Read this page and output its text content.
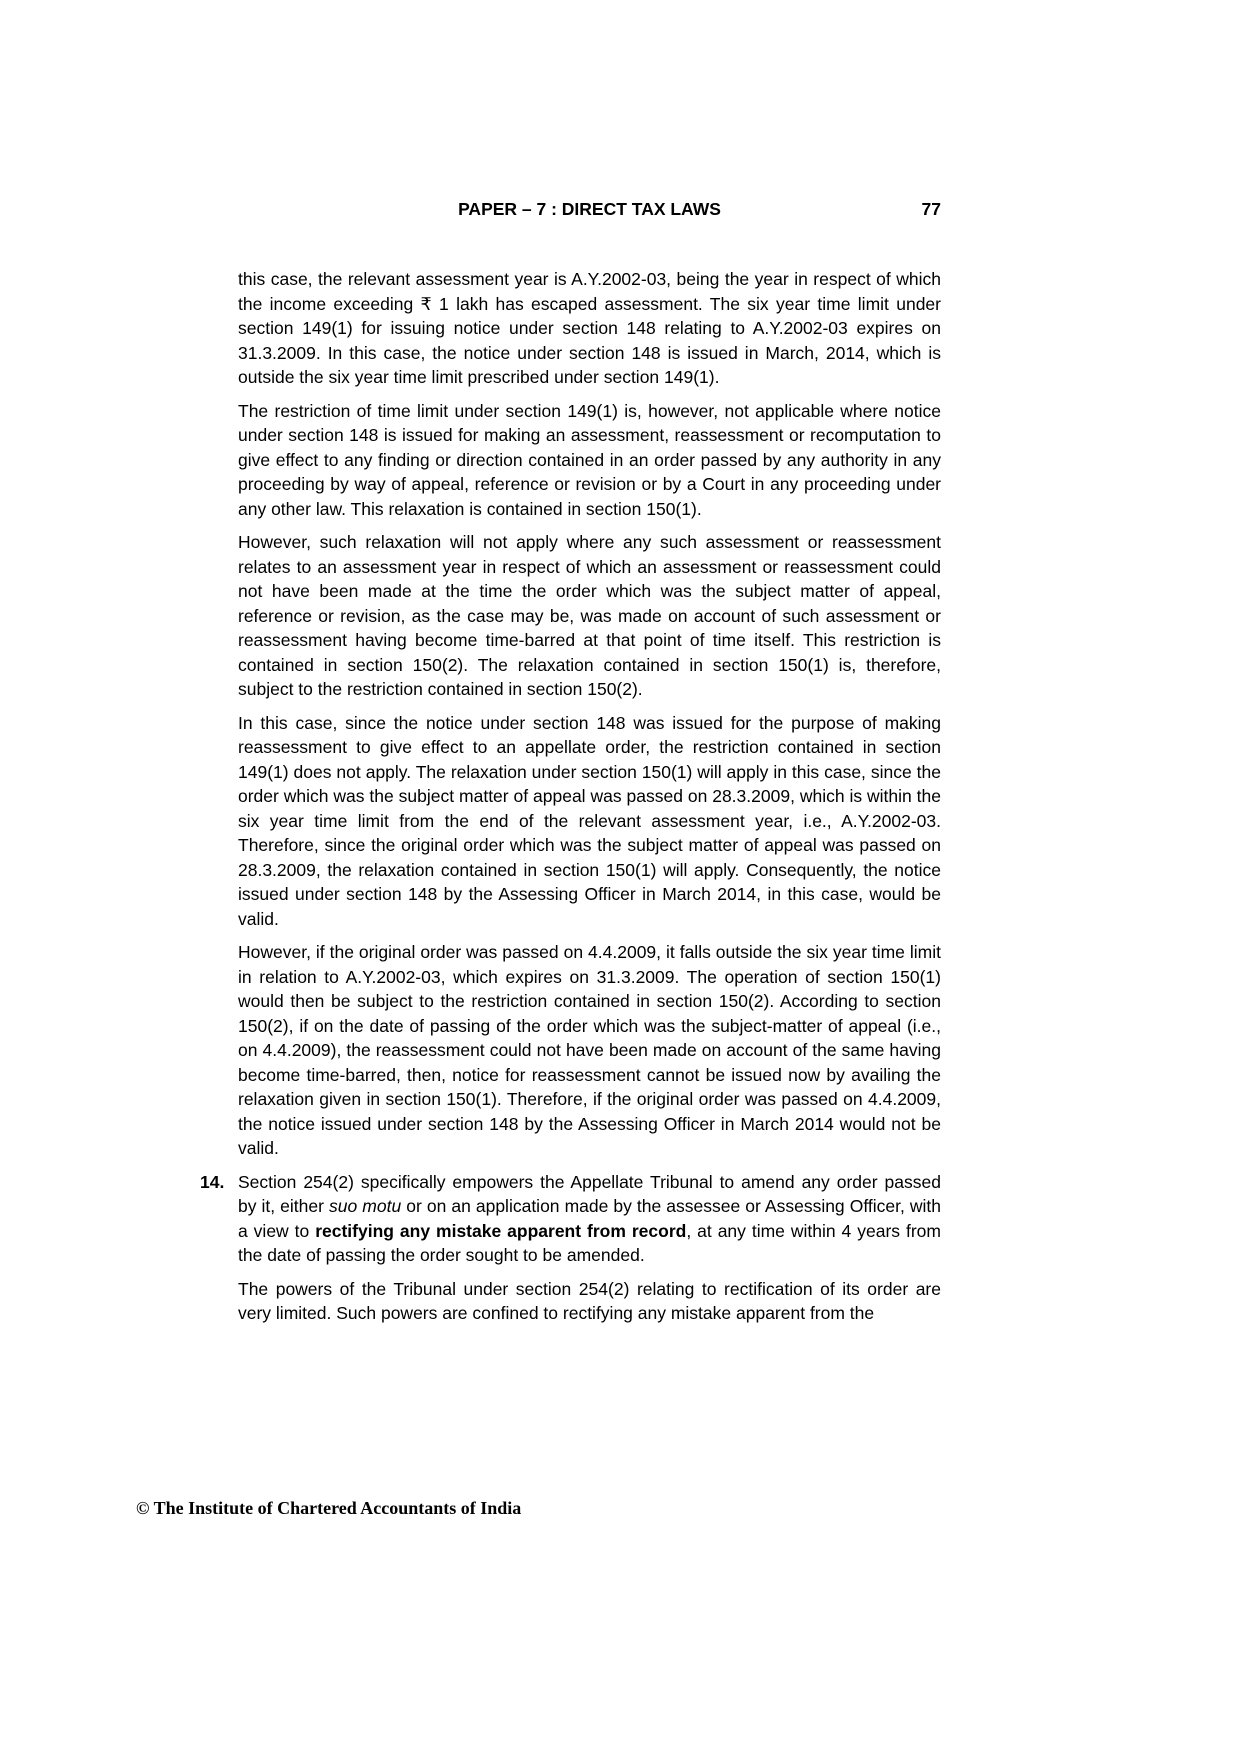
PAPER – 7 : DIRECT TAX LAWS	77
this case, the relevant assessment year is A.Y.2002-03, being the year in respect of which the income exceeding ₹ 1 lakh has escaped assessment. The six year time limit under section 149(1) for issuing notice under section 148 relating to A.Y.2002-03 expires on 31.3.2009. In this case, the notice under section 148 is issued in March, 2014, which is outside the six year time limit prescribed under section 149(1).
The restriction of time limit under section 149(1) is, however, not applicable where notice under section 148 is issued for making an assessment, reassessment or recomputation to give effect to any finding or direction contained in an order passed by any authority in any proceeding by way of appeal, reference or revision or by a Court in any proceeding under any other law. This relaxation is contained in section 150(1).
However, such relaxation will not apply where any such assessment or reassessment relates to an assessment year in respect of which an assessment or reassessment could not have been made at the time the order which was the subject matter of appeal, reference or revision, as the case may be, was made on account of such assessment or reassessment having become time-barred at that point of time itself. This restriction is contained in section 150(2). The relaxation contained in section 150(1) is, therefore, subject to the restriction contained in section 150(2).
In this case, since the notice under section 148 was issued for the purpose of making reassessment to give effect to an appellate order, the restriction contained in section 149(1) does not apply. The relaxation under section 150(1) will apply in this case, since the order which was the subject matter of appeal was passed on 28.3.2009, which is within the six year time limit from the end of the relevant assessment year, i.e., A.Y.2002-03. Therefore, since the original order which was the subject matter of appeal was passed on 28.3.2009, the relaxation contained in section 150(1) will apply. Consequently, the notice issued under section 148 by the Assessing Officer in March 2014, in this case, would be valid.
However, if the original order was passed on 4.4.2009, it falls outside the six year time limit in relation to A.Y.2002-03, which expires on 31.3.2009. The operation of section 150(1) would then be subject to the restriction contained in section 150(2). According to section 150(2), if on the date of passing of the order which was the subject-matter of appeal (i.e., on 4.4.2009), the reassessment could not have been made on account of the same having become time-barred, then, notice for reassessment cannot be issued now by availing the relaxation given in section 150(1). Therefore, if the original order was passed on 4.4.2009, the notice issued under section 148 by the Assessing Officer in March 2014 would not be valid.
14. Section 254(2) specifically empowers the Appellate Tribunal to amend any order passed by it, either suo motu or on an application made by the assessee or Assessing Officer, with a view to rectifying any mistake apparent from record, at any time within 4 years from the date of passing the order sought to be amended.
The powers of the Tribunal under section 254(2) relating to rectification of its order are very limited. Such powers are confined to rectifying any mistake apparent from the
© The Institute of Chartered Accountants of India
